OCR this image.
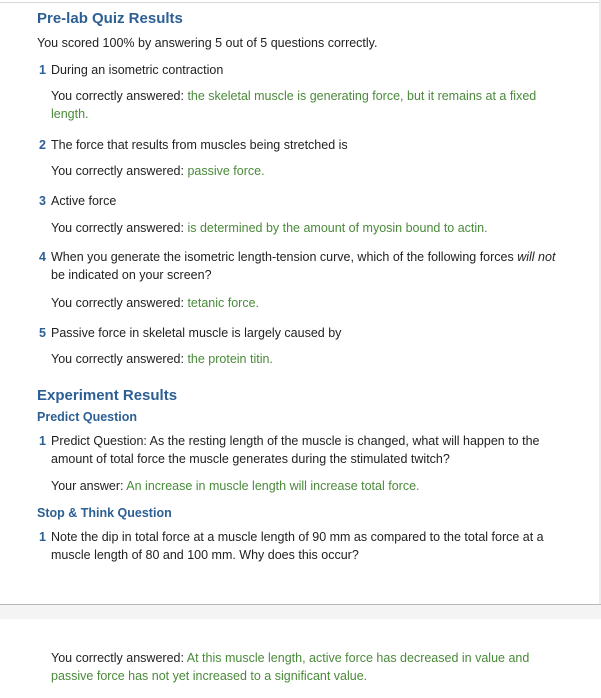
Pre-lab Quiz Results
You scored 100% by answering 5 out of 5 questions correctly.
1 During an isometric contraction
You correctly answered: the skeletal muscle is generating force, but it remains at a fixed length.
2 The force that results from muscles being stretched is
You correctly answered: passive force.
3 Active force
You correctly answered: is determined by the amount of myosin bound to actin.
4 When you generate the isometric length-tension curve, which of the following forces will not be indicated on your screen?
You correctly answered: tetanic force.
5 Passive force in skeletal muscle is largely caused by
You correctly answered: the protein titin.
Experiment Results
Predict Question
1 Predict Question: As the resting length of the muscle is changed, what will happen to the amount of total force the muscle generates during the stimulated twitch?
Your answer: An increase in muscle length will increase total force.
Stop & Think Question
1 Note the dip in total force at a muscle length of 90 mm as compared to the total force at a muscle length of 80 and 100 mm. Why does this occur?
You correctly answered: At this muscle length, active force has decreased in value and passive force has not yet increased to a significant value.
